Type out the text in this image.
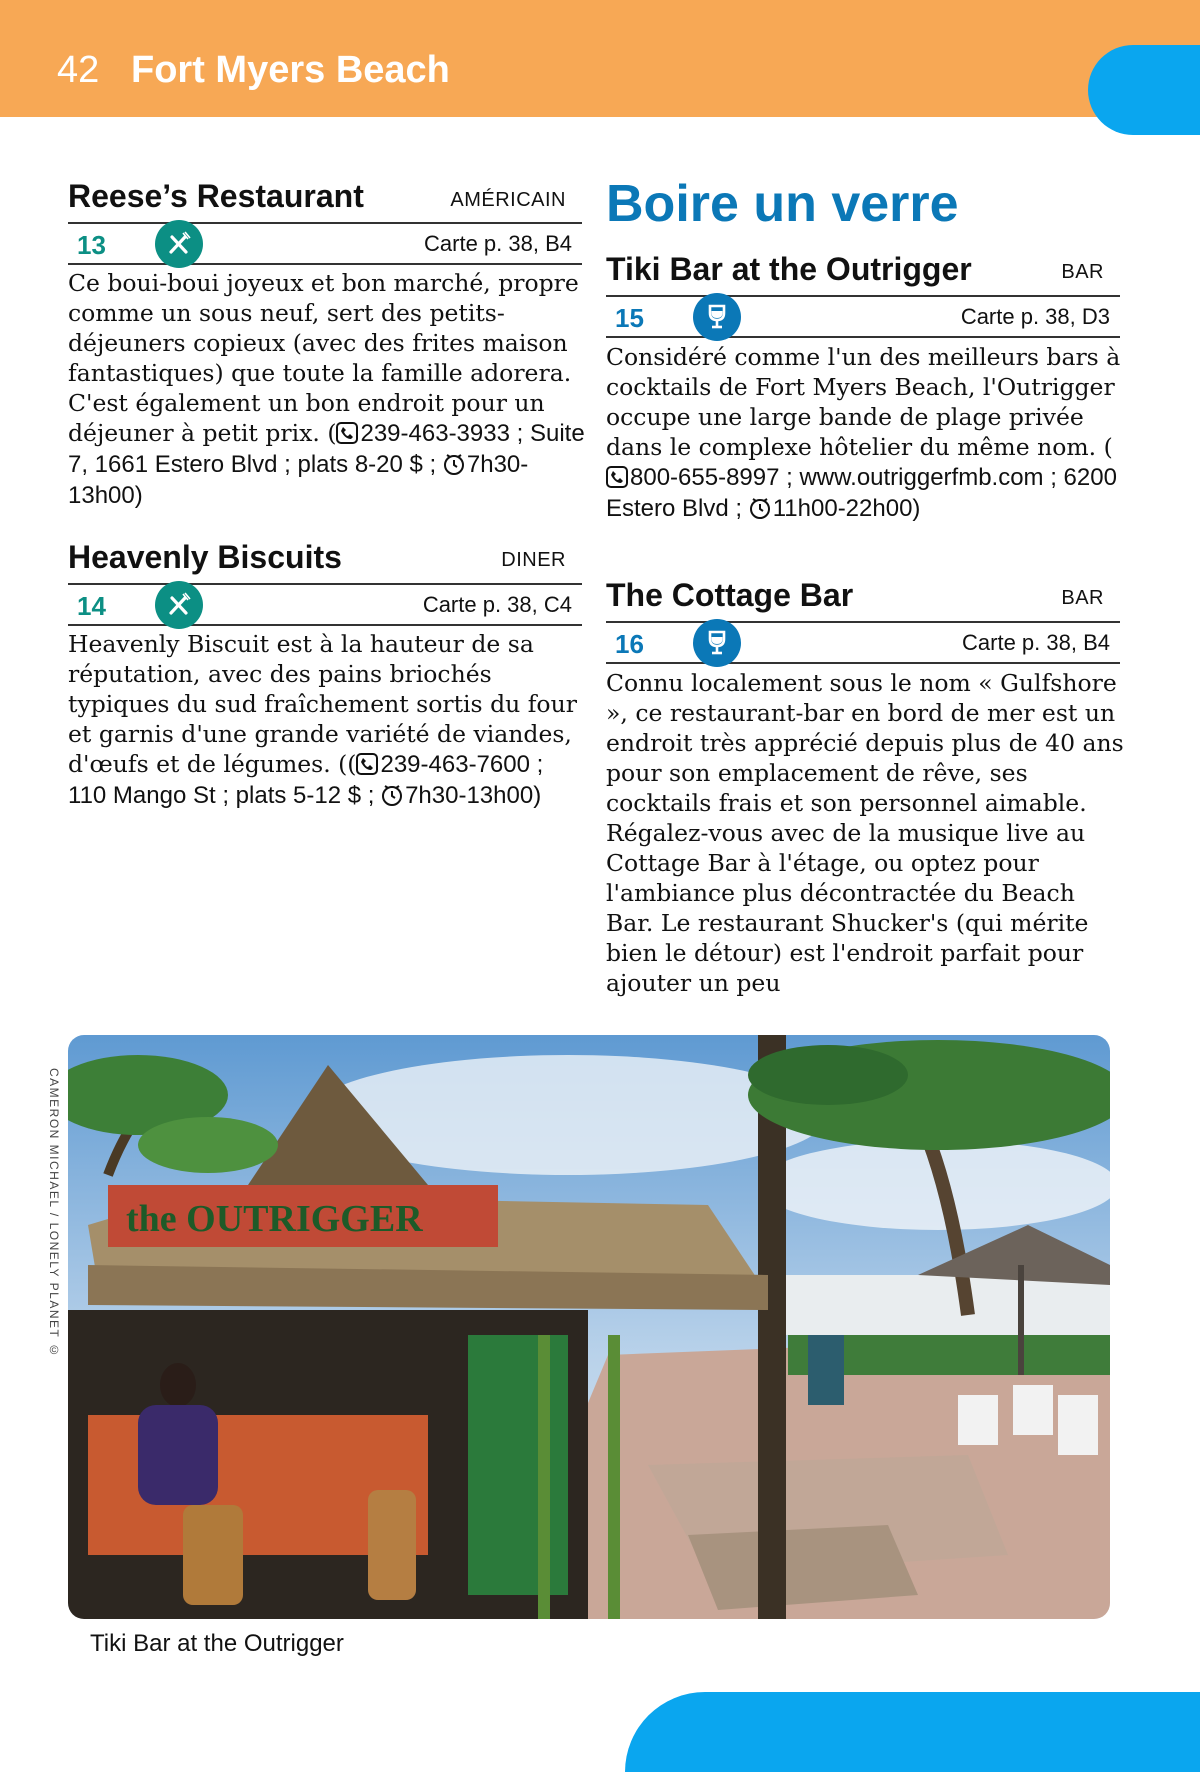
42 Fort Myers Beach
Reese’s Restaurant	AMÉRICAIN
13	Carte p. 38, B4
Ce boui-boui joyeux et bon marché, propre comme un sous neuf, sert des petits-déjeuners copieux (avec des frites maison fantastiques) que toute la famille adorera. C'est également un bon endroit pour un déjeuner à petit prix. ( 239-463-3933 ; Suite 7, 1661 Estero Blvd ; plats 8-20 $ ; 7h30-13h00)
Heavenly Biscuits	DINER
14	Carte p. 38, C4
Heavenly Biscuit est à la hauteur de sa réputation, avec des pains briochés typiques du sud fraîchement sortis du four et garnis d'une grande variété de viandes, d'œufs et de légumes. (( 239-463-7600 ; 110 Mango St ; plats 5-12 $ ; 7h30-13h00)
Boire un verre
Tiki Bar at the Outrigger	BAR
15	Carte p. 38, D3
Considéré comme l'un des meilleurs bars à cocktails de Fort Myers Beach, l'Outrigger occupe une large bande de plage privée dans le complexe hôtelier du même nom. (800-655-8997 ; www.outriggerfmb.com ; 6200 Estero Blvd ; 11h00-22h00)
The Cottage Bar	BAR
16	Carte p. 38, B4
Connu localement sous le nom « Gulfshore », ce restaurant-bar en bord de mer est un endroit très apprécié depuis plus de 40 ans pour son emplacement de rêve, ses cocktails frais et son personnel aimable. Régalez-vous avec de la musique live au Cottage Bar à l'étage, ou optez pour l'ambiance plus décontractée du Beach Bar. Le restaurant Shucker's (qui mérite bien le détour) est l'endroit parfait pour ajouter un peu
CAMERON MICHAEL / LONELY PLANET © the OUTRIGGER
Tiki Bar at the Outrigger
